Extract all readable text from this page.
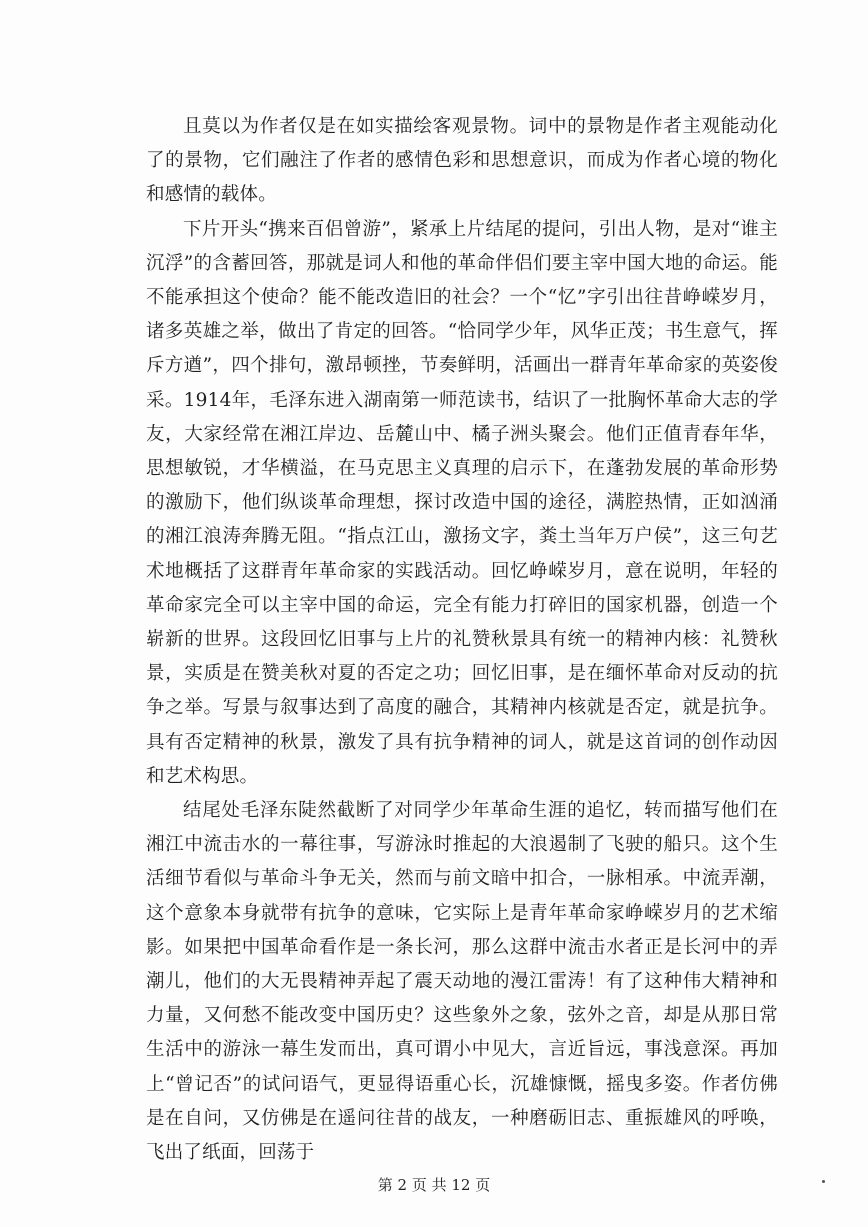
且莫以为作者仅是在如实描绘客观景物。词中的景物是作者主观能动化了的景物，它们融注了作者的感情色彩和思想意识，而成为作者心境的物化和感情的载体。

下片开头“携来百侣曾游”，紧承上片结尾的提问，引出人物，是对“谁主沉浮”的含蓄回答，那就是词人和他的革命伴侣们要主宰中国大地的命运。能不能承担这个使命？能不能改造旧的社会？一个“忆”字引出往昔峥嵘岁月，诸多英雄之举，做出了肯定的回答。“恰同学少年，风华正茂；书生意气，挥斥方遒”，四个排句，激昂顿挫，节奏鲜明，活画出一群青年革命家的英姿俊采。1914年，毛泽东进入湖南第一师范读书，结识了一批胸怀革命大志的学友，大家经常在湘江岸边、岳麓山中、橘子洲头聚会。他们正值青春年华，思想敏锐，才华横溢，在马克思主义真理的启示下，在蓬勃发展的革命形势的激励下，他们纵谈革命理想，探讨改造中国的途径，满腔热情，正如汹涌的湘江浪涛奔腾无阻。“指点江山，激扬文字，粪土当年万户侯”，这三句艺术地概括了这群青年革命家的实践活动。回忆峥嵘岁月，意在说明，年轻的革命家完全可以主宰中国的命运，完全有能力打碎旧的国家机器，创造一个崭新的世界。这段回忆旧事与上片的礼赞秋景具有统一的精神内核：礼赞秋景，实质是在赞美秋对夏的否定之功；回忆旧事，是在缅怀革命对反动的抗争之举。写景与叙事达到了高度的融合，其精神内核就是否定，就是抗争。具有否定精神的秋景，激发了具有抗争精神的词人，就是这首词的创作动因和艺术构思。

结尾处毛泽东陡然截断了对同学少年革命生涯的追忆，转而描写他们在湘江中流击水的一幕往事，写游泳时推起的大浪遏制了飞驶的船只。这个生活细节看似与革命斗争无关，然而与前文暗中扣合，一脉相承。中流弄潮，这个意象本身就带有抗争的意味，它实际上是青年革命家峥嵘岁月的艺术缩影。如果把中国革命看作是一条长河，那么这群中流击水者正是长河中的弄潮儿，他们的大无畏精神弄起了震天动地的漫江雷涛！有了这种伟大精神和力量，又何愁不能改变中国历史？这些象外之象，弦外之音，却是从那日常生活中的游泳一幕生发而出，真可谓小中见大，言近旨远，事浅意深。再加上“曾记否”的试问语气，更显得语重心长，沉雄慷慨，摇曳多姿。作者仿佛是在自问，又仿佛是在遥问往昔的战友，一种磨砺旧志、重振雄风的呼唤，飞出了纸面，回荡于

第 2 页 共 12 页
